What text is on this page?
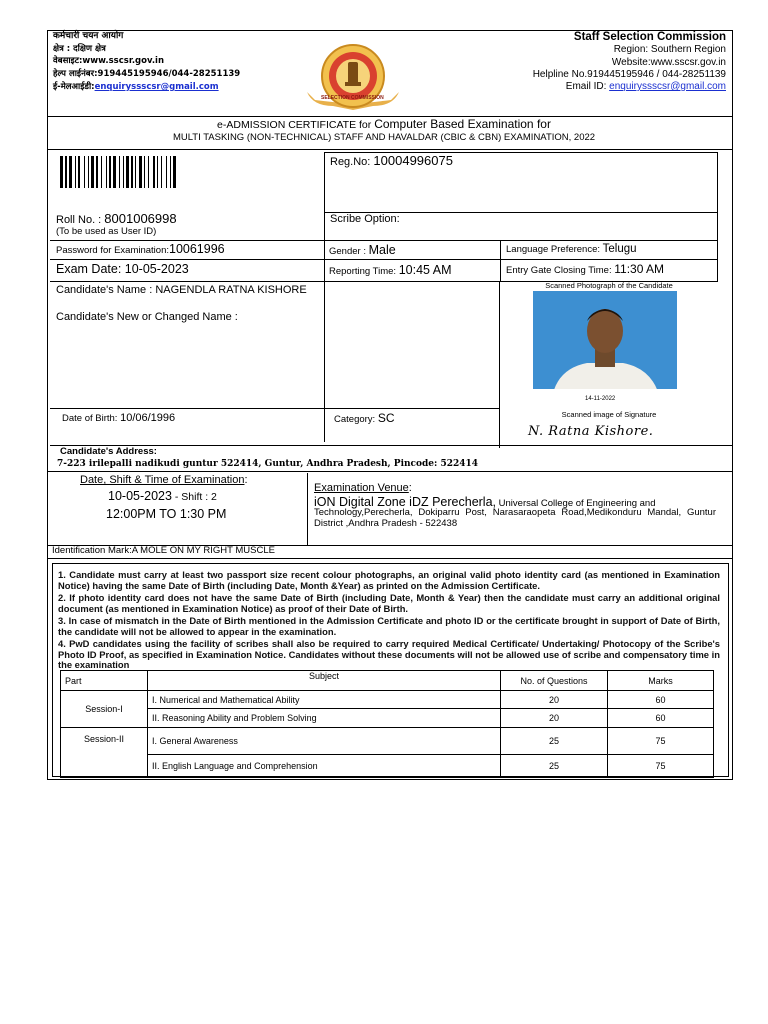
कर्मचारी चयन आयोग
क्षेत्र : दक्षिण क्षेत्र
वेबसाइट:www.sscsr.gov.in
हेल्प लाईनंबर:919445195946/044-28251139
ई-मेलआईडी:enquiryssscsr@gmail.com
SELECTION COMMISSION
Staff Selection Commission
Region: Southern Region
Website:www.sscsr.gov.in
Helpline No.919445195946 / 044-28251139
Email ID: enquiryssscsr@gmail.com
e-ADMISSION CERTIFICATE for Computer Based Examination for
MULTI TASKING (NON-TECHNICAL) STAFF AND HAVALDAR (CBIC & CBN) EXAMINATION, 2022
Reg.No: 10004996075
Roll No. : 8001006998
(To be used as User ID)
Scribe Option:
Password for Examination:10061996	Gender : Male	Language Preference: Telugu
Exam Date: 10-05-2023	Reporting Time: 10:45 AM	Entry Gate Closing Time: 11:30 AM
Candidate's Name : NAGENDLA RATNA KISHORE
Candidate's New or Changed Name :
Scanned Photograph of the Candidate
14-11-2022
Date of Birth: 10/06/1996	Category: SC	Scanned image of Signature
N. Ratna Kishore.
Candidate's Address:
7-223 irilepalli nadikudi guntur 522414, Guntur, Andhra Pradesh, Pincode: 522414
Date, Shift & Time of Examination:
10-05-2023 - Shift : 2
12:00PM TO 1:30 PM
Examination Venue:
iON Digital Zone iDZ Perecherla, Universal College of Engineering and
Technology,Perecherla, Dokiparru Post, Narasaraopeta Road,Medikonduru Mandal, Guntur District ,Andhra Pradesh - 522438
Identification Mark:A MOLE ON MY RIGHT MUSCLE
1. Candidate must carry at least two passport size recent colour photographs, an original valid photo identity card (as mentioned in Examination Notice) having the same Date of Birth (including Date, Month &Year) as printed on the Admission Certificate.
2. If photo identity card does not have the same Date of Birth (including Date, Month & Year) then the candidate must carry an additional original document (as mentioned in Examination Notice) as proof of their Date of Birth.
3. In case of mismatch in the Date of Birth mentioned in the Admission Certificate and photo ID or the certificate brought in support of Date of Birth, the candidate will not be allowed to appear in the examination.
4. PwD candidates using the facility of scribes shall also be required to carry required Medical Certificate/ Undertaking/ Photocopy of the Scribe's Photo ID Proof, as specified in Examination Notice. Candidates without these documents will not be allowed use of scribe and compensatory time in the examination
Part	Subject	No. of Questions	Marks
Session-I	I. Numerical and Mathematical Ability	20	60
	II. Reasoning Ability and Problem Solving	20	60
Session-II	I. General Awareness	25	75
	II. English Language and Comprehension	25	75
